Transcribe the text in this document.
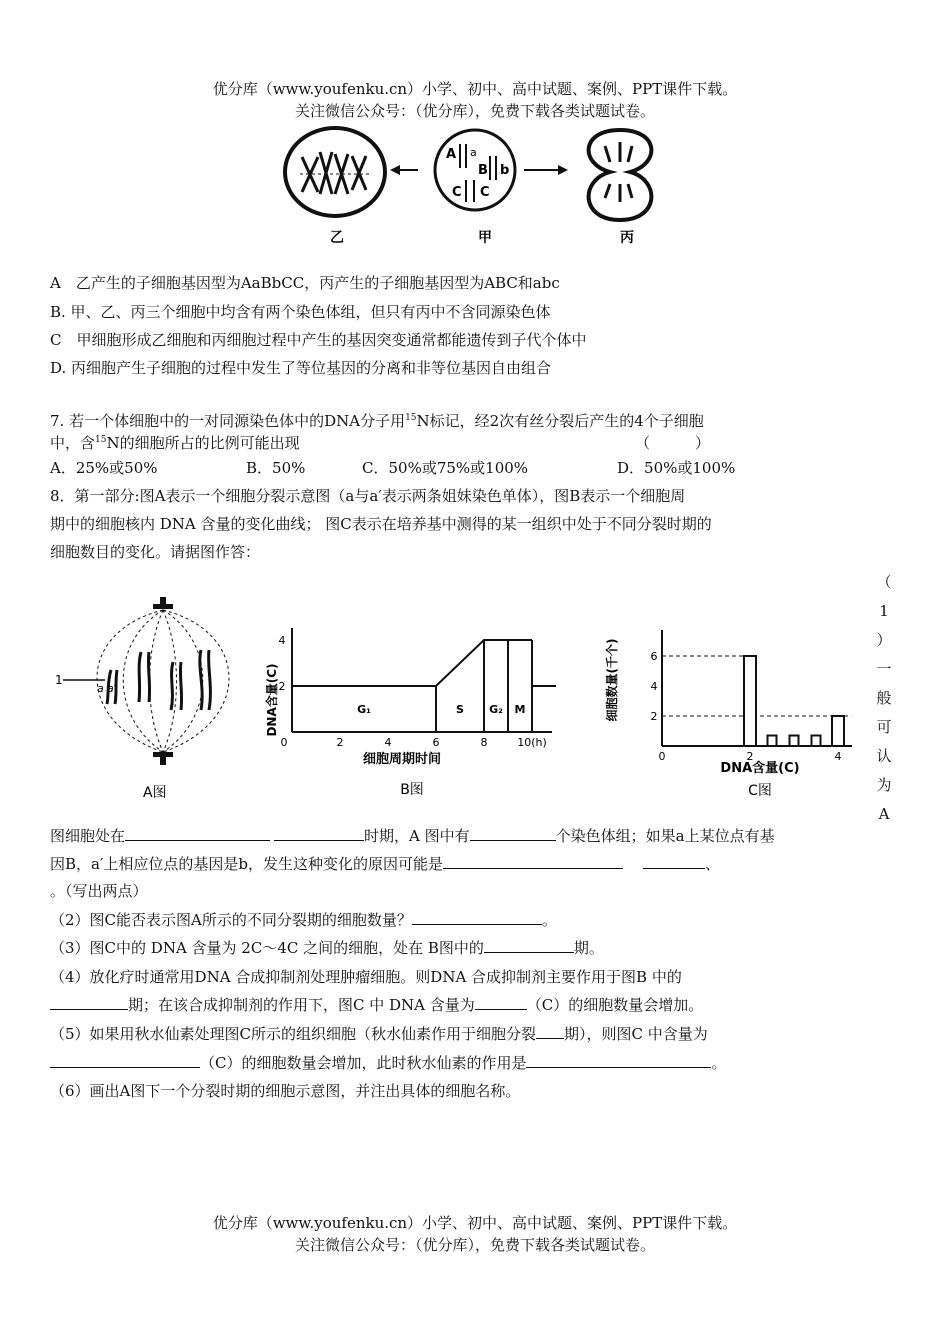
优分库（www.youfenku.cn）小学、初中、高中试题、案例、PPT课件下载。
关注微信公众号：（优分库），免费下载各类试题试卷。
A a
B b
C C
乙	甲	丙
A　乙产生的子细胞基因型为AaBbCC，丙产生的子细胞基因型为ABC和abc
B. 甲、乙、丙三个细胞中均含有两个染色体组，但只有丙中不含同源染色体
C　甲细胞形成乙细胞和丙细胞过程中产生的基因突变通常都能遗传到子代个体中
D. 丙细胞产生子细胞的过程中发生了等位基因的分离和非等位基因自由组合
7. 若一个体细胞中的一对同源染色体中的DNA分子用$^{15}$N标记，经2次有丝分裂后产生的4个子细胞
中，含$^{15}$N的细胞所占的比例可能出现	（　　　）
A．25%或50%	B．50%	C．50%或75%或100%	D．50%或100%
8．第一部分:图A表示一个细胞分裂示意图（a与a′表示两条姐妹染色单体），图B表示一个细胞周
期中的细胞核内 DNA 含量的变化曲线； 图C表示在培养基中测得的某一组织中处于不同分裂时期的
细胞数目的变化。请据图作答：
1
a a′
A图
DNA含量(C)
0	2	4	6	8	10(h)
2
4
G₁	S G₂ M
细胞周期时间
B图
细胞数量(千个)
0	2	4
2
4
6
DNA含量(C)
C图
（
1
）
一
般
可
认
为
A
图细胞处在	时期，A 图中有	个染色体组；如果a上某位点有基
因B，a′上相应位点的基因是b，发生这种变化的原因可能是	、
。（写出两点）
（2）图C能否表示图A所示的不同分裂期的细胞数量？	。
（3）图C中的 DNA 含量为 2C～4C 之间的细胞，处在 B图中的	期。
（4）放化疗时通常用DNA 合成抑制剂处理肿瘤细胞。则DNA 合成抑制剂主要作用于图B 中的
期；在该合成抑制剂的作用下，图C 中 DNA 含量为	（C）的细胞数量会增加。
（5）如果用秋水仙素处理图C所示的组织细胞（秋水仙素作用于细胞分裂 期），则图C 中含量为
（C）的细胞数量会增加，此时秋水仙素的作用是	。
（6）画出A图下一个分裂时期的细胞示意图，并注出具体的细胞名称。
优分库（www.youfenku.cn）小学、初中、高中试题、案例、PPT课件下载。
关注微信公众号：（优分库），免费下载各类试题试卷。
